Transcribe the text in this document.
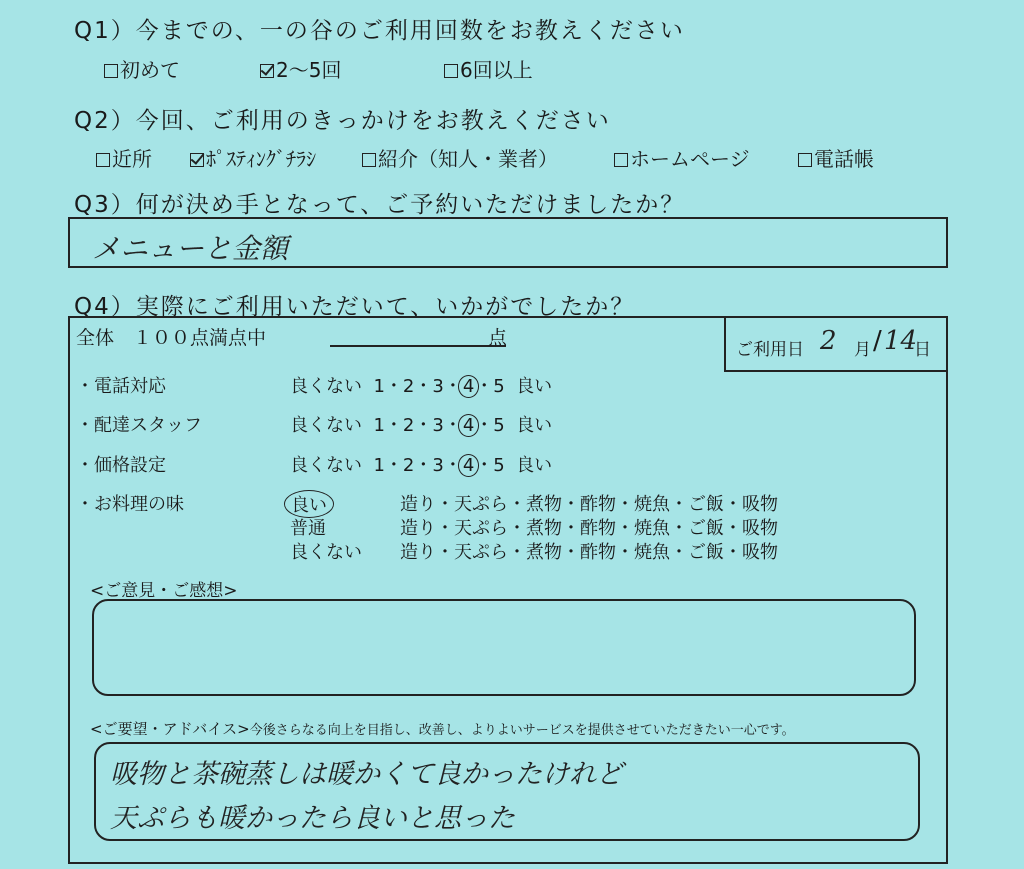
Q1）今までの、一の谷のご利用回数をお教えください
初めて	2～5回	6回以上
Q2）今回、ご利用のきっかけをお教えください
近所	ﾎﾟｽﾃｨﾝｸﾞﾁﾗｼ	紹介（知人・業者）	ホームページ	電話帳
Q3）何が決め手となって、ご予約いただけましたか？
メニューと金額
Q4）実際にご利用いただいて、いかがでしたか？
全体　１００点満点中	点
ご利用日 2 月 / 14
日
・電話対応	良くない 1・2・3・4・5 良い
・配達スタッフ	良くない 1・2・3・4・5 良い
・価格設定	良くない 1・2・3・4・5 良い
・お料理の味	良い	造り・天ぷら・煮物・酢物・焼魚・ご飯・吸物
普通	造り・天ぷら・煮物・酢物・焼魚・ご飯・吸物
良くない 造り・天ぷら・煮物・酢物・焼魚・ご飯・吸物
<ご意見・ご感想>
<ご要望・アドバイス>今後さらなる向上を目指し、改善し、よりよいサービスを提供させていただきたい一心です。
吸物と茶碗蒸しは暖かくて良かったけれど
天ぷらも暖かったら良いと思った
